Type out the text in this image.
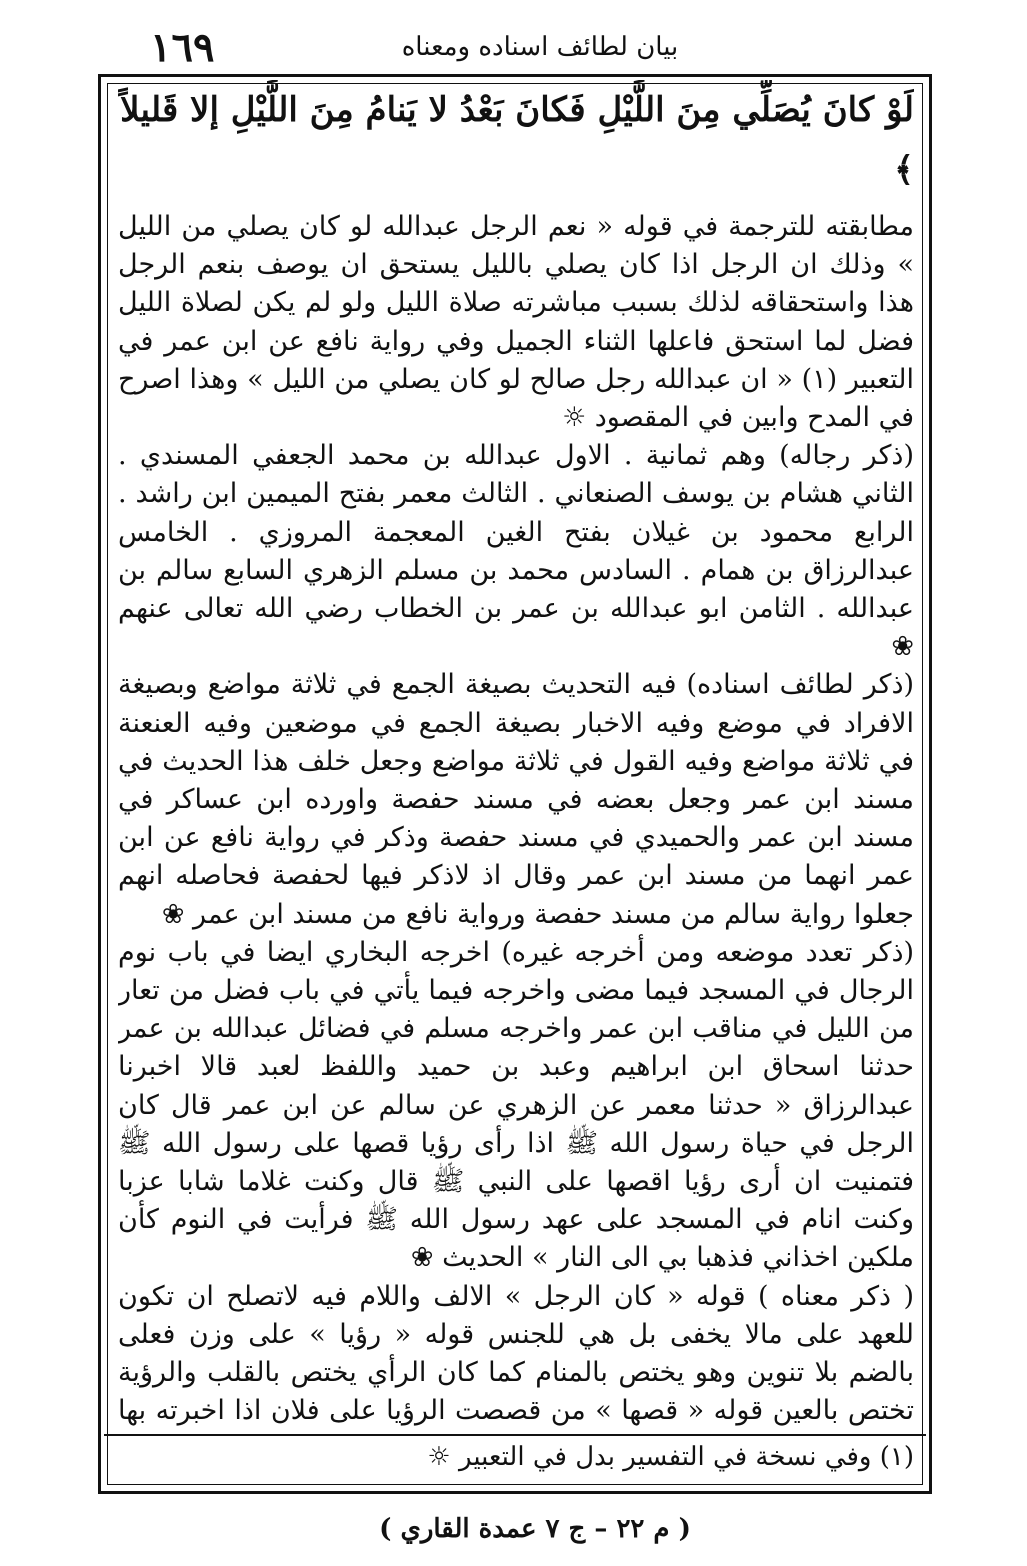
١٦٩	بيان لطائف اسناده ومعناه
لَوْ كانَ يُصَلِّي مِنَ اللَّيْلِ فَكانَ بَعْدُ لا يَنامُ مِنَ اللَّيْلِ إلا قَليلاً ﴾

مطابقته للترجمة في قوله « نعم الرجل عبدالله لو كان يصلي من الليل » وذلك ان الرجل اذا كان يصلي بالليل يستحق ان يوصف بنعم الرجل هذا واستحقاقه لذلك بسبب مباشرته صلاة الليل ولو لم يكن لصلاة الليل فضل لما استحق فاعلها الثناء الجميل وفي رواية نافع عن ابن عمر في التعبير (١) « ان عبدالله رجل صالح لو كان يصلي من الليل » وهذا اصرح في المدح وابين في المقصود ☼

(ذكر رجاله) وهم ثمانية . الاول عبدالله بن محمد الجعفي المسندي . الثاني هشام بن يوسف الصنعاني . الثالث معمر بفتح الميمين ابن راشد . الرابع محمود بن غيلان بفتح الغين المعجمة المروزي . الخامس عبدالرزاق بن همام . السادس محمد بن مسلم الزهري السابع سالم بن عبدالله . الثامن ابو عبدالله بن عمر بن الخطاب رضي الله تعالى عنهم ❀

(ذكر لطائف اسناده) فيه التحديث بصيغة الجمع في ثلاثة مواضع وبصيغة الافراد في موضع وفيه الاخبار بصيغة الجمع في موضعين وفيه العنعنة في ثلاثة مواضع وفيه القول في ثلاثة مواضع وجعل خلف هذا الحديث في مسند ابن عمر وجعل بعضه في مسند حفصة واورده ابن عساكر في مسند ابن عمر والحميدي في مسند حفصة وذكر في رواية نافع عن ابن عمر انهما من مسند ابن عمر وقال اذ لاذكر فيها لحفصة فحاصله انهم جعلوا رواية سالم من مسند حفصة ورواية نافع من مسند ابن عمر ❀

(ذكر تعدد موضعه ومن أخرجه غيره) اخرجه البخاري ايضا في باب نوم الرجال في المسجد فيما مضى واخرجه فيما يأتي في باب فضل من تعار من الليل في مناقب ابن عمر واخرجه مسلم في فضائل عبدالله بن عمر حدثنا اسحاق ابن ابراهيم وعبد بن حميد واللفظ لعبد قالا اخبرنا عبدالرزاق « حدثنا معمر عن الزهري عن سالم عن ابن عمر قال كان الرجل في حياة رسول الله ﷺ اذا رأى رؤيا قصها على رسول الله ﷺ فتمنيت ان أرى رؤيا اقصها على النبي ﷺ قال وكنت غلاما شابا عزبا وكنت انام في المسجد على عهد رسول الله ﷺ فرأيت في النوم كأن ملكين اخذاني فذهبا بي الى النار » الحديث ❀

( ذكر معناه ) قوله « كان الرجل » الالف واللام فيه لاتصلح ان تكون للعهد على مالا يخفى بل هي للجنس قوله « رؤيا » على وزن فعلى بالضم بلا تنوين وهو يختص بالمنام كما كان الرأي يختص بالقلب والرؤية تختص بالعين قوله « قصها » من قصصت الرؤيا على فلان اذا اخبرته بها

(١) وفي نسخة في التفسير بدل في التعبير ☼
( م ٢٢ – ج ٧ عمدة القاري )
